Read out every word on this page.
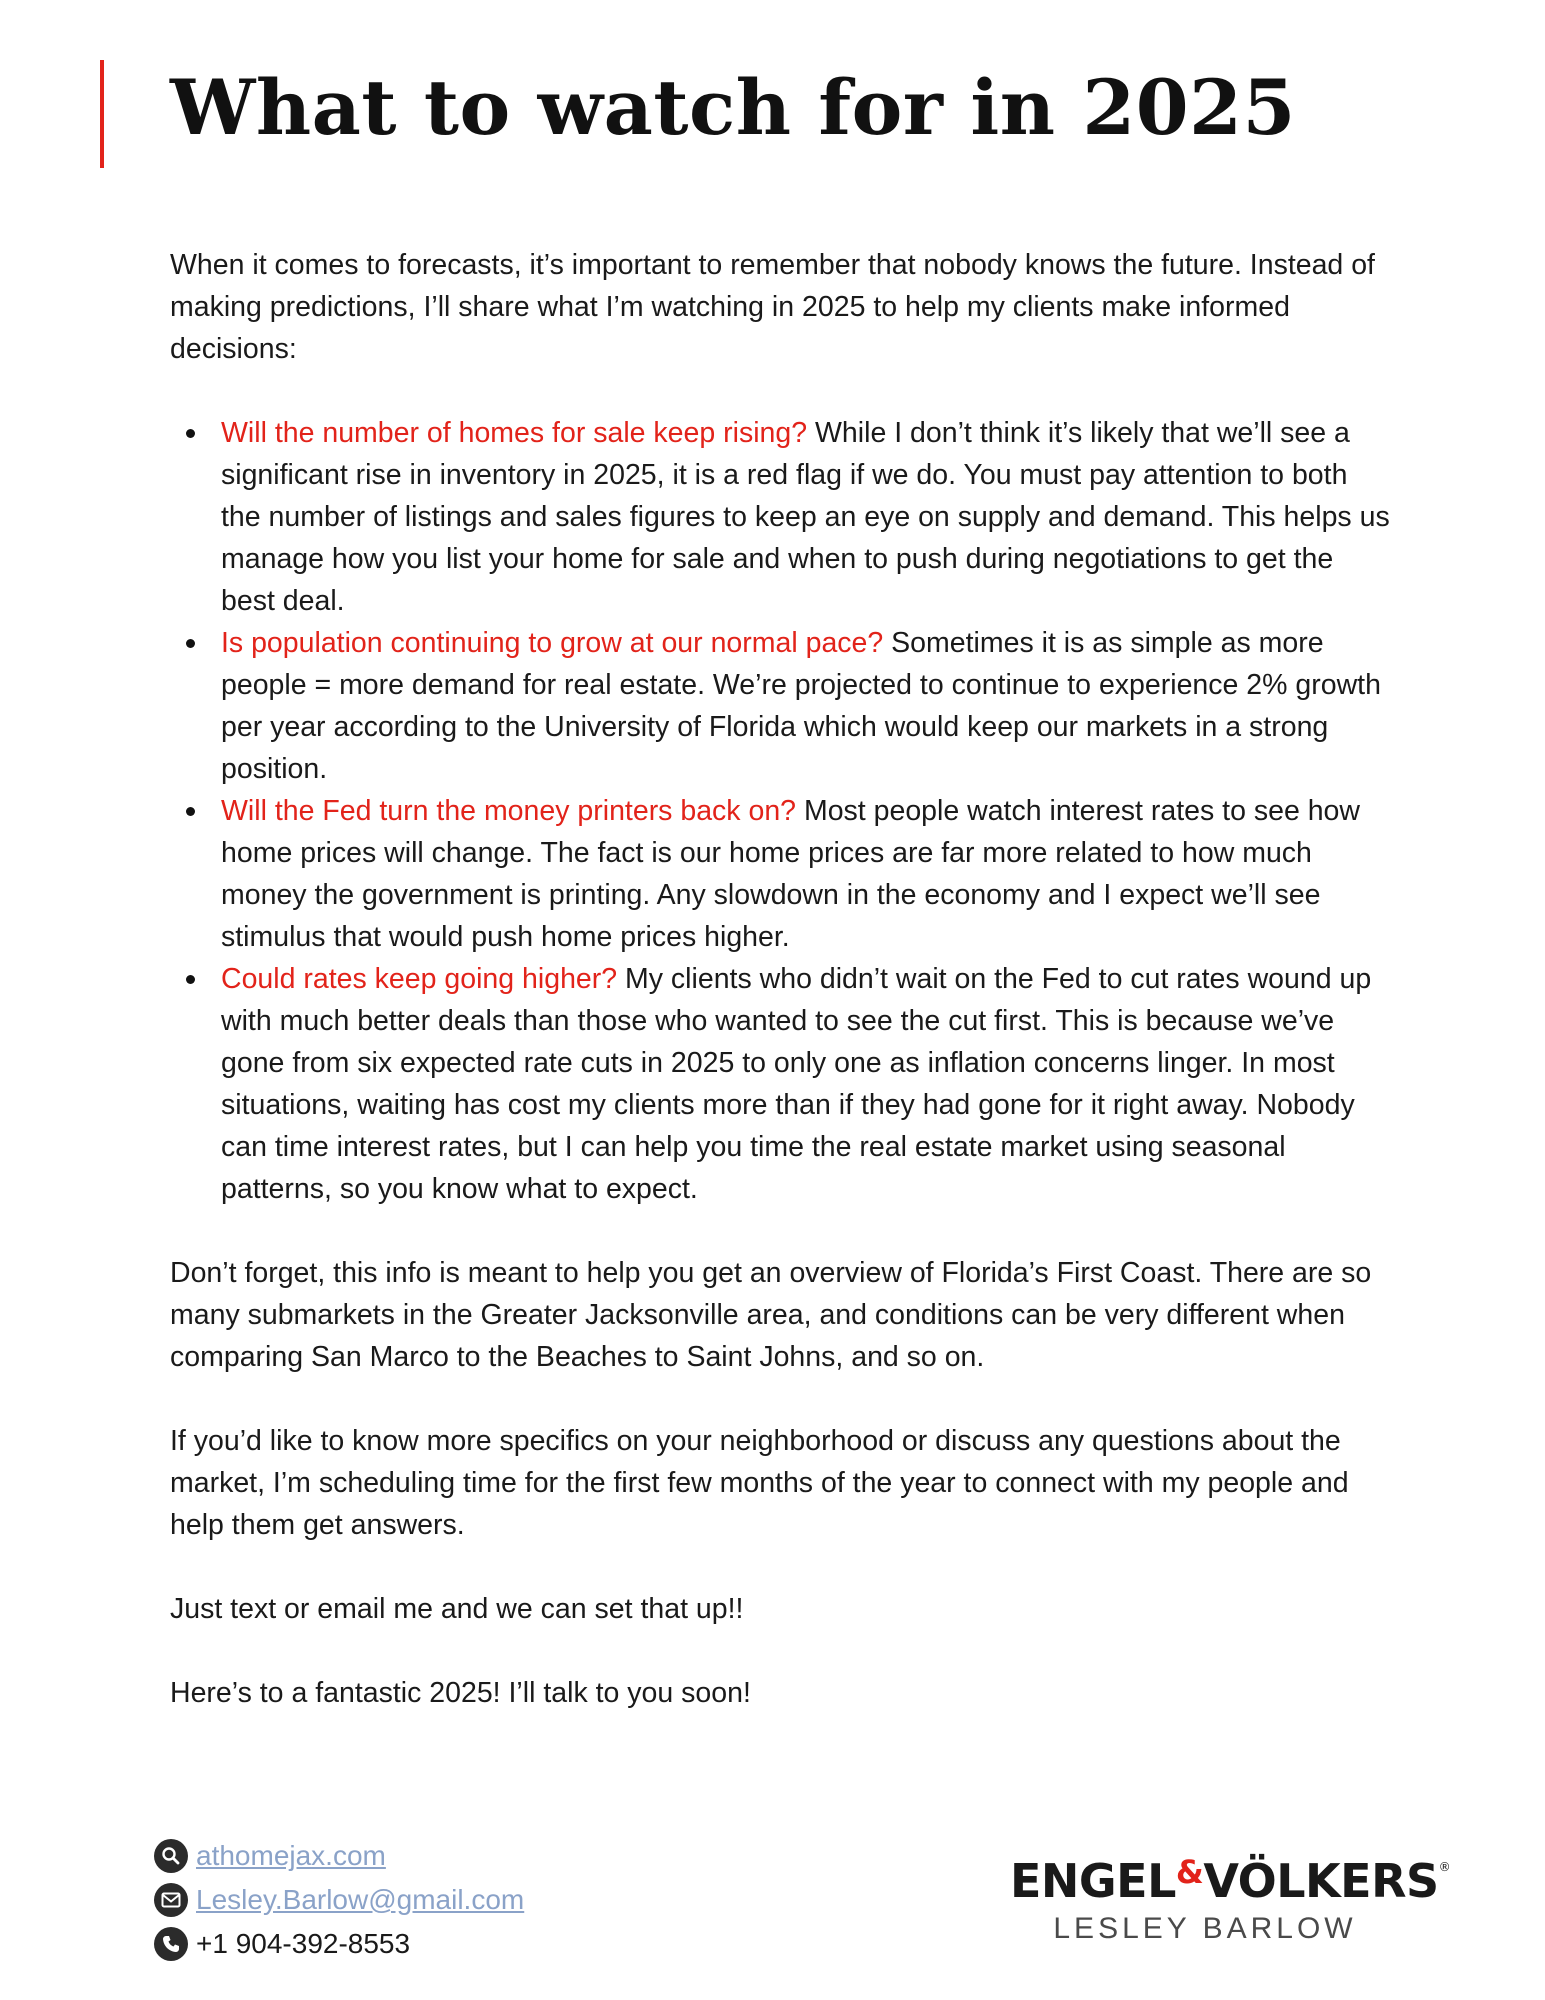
What to watch for in 2025

When it comes to forecasts, it’s important to remember that nobody knows the future. Instead of making predictions, I’ll share what I’m watching in 2025 to help my clients make informed decisions:

Will the number of homes for sale keep rising? While I don’t think it’s likely that we’ll see a significant rise in inventory in 2025, it is a red flag if we do. You must pay attention to both the number of listings and sales figures to keep an eye on supply and demand. This helps us manage how you list your home for sale and when to push during negotiations to get the best deal.
Is population continuing to grow at our normal pace? Sometimes it is as simple as more people = more demand for real estate. We’re projected to continue to experience 2% growth per year according to the University of Florida which would keep our markets in a strong position.
Will the Fed turn the money printers back on? Most people watch interest rates to see how home prices will change. The fact is our home prices are far more related to how much money the government is printing. Any slowdown in the economy and I expect we’ll see stimulus that would push home prices higher.
Could rates keep going higher? My clients who didn’t wait on the Fed to cut rates wound up with much better deals than those who wanted to see the cut first. This is because we’ve gone from six expected rate cuts in 2025 to only one as inflation concerns linger. In most situations, waiting has cost my clients more than if they had gone for it right away. Nobody can time interest rates, but I can help you time the real estate market using seasonal patterns, so you know what to expect.

Don’t forget, this info is meant to help you get an overview of Florida’s First Coast. There are so many submarkets in the Greater Jacksonville area, and conditions can be very different when comparing San Marco to the Beaches to Saint Johns, and so on.

If you’d like to know more specifics on your neighborhood or discuss any questions about the market, I’m scheduling time for the first few months of the year to connect with my people and help them get answers.

Just text or email me and we can set that up!!

Here’s to a fantastic 2025! I’ll talk to you soon!

athomejax.com
Lesley.Barlow@gmail.com
+1 904-392-8553
ENGEL&VÖLKERS®
LESLEY BARLOW
